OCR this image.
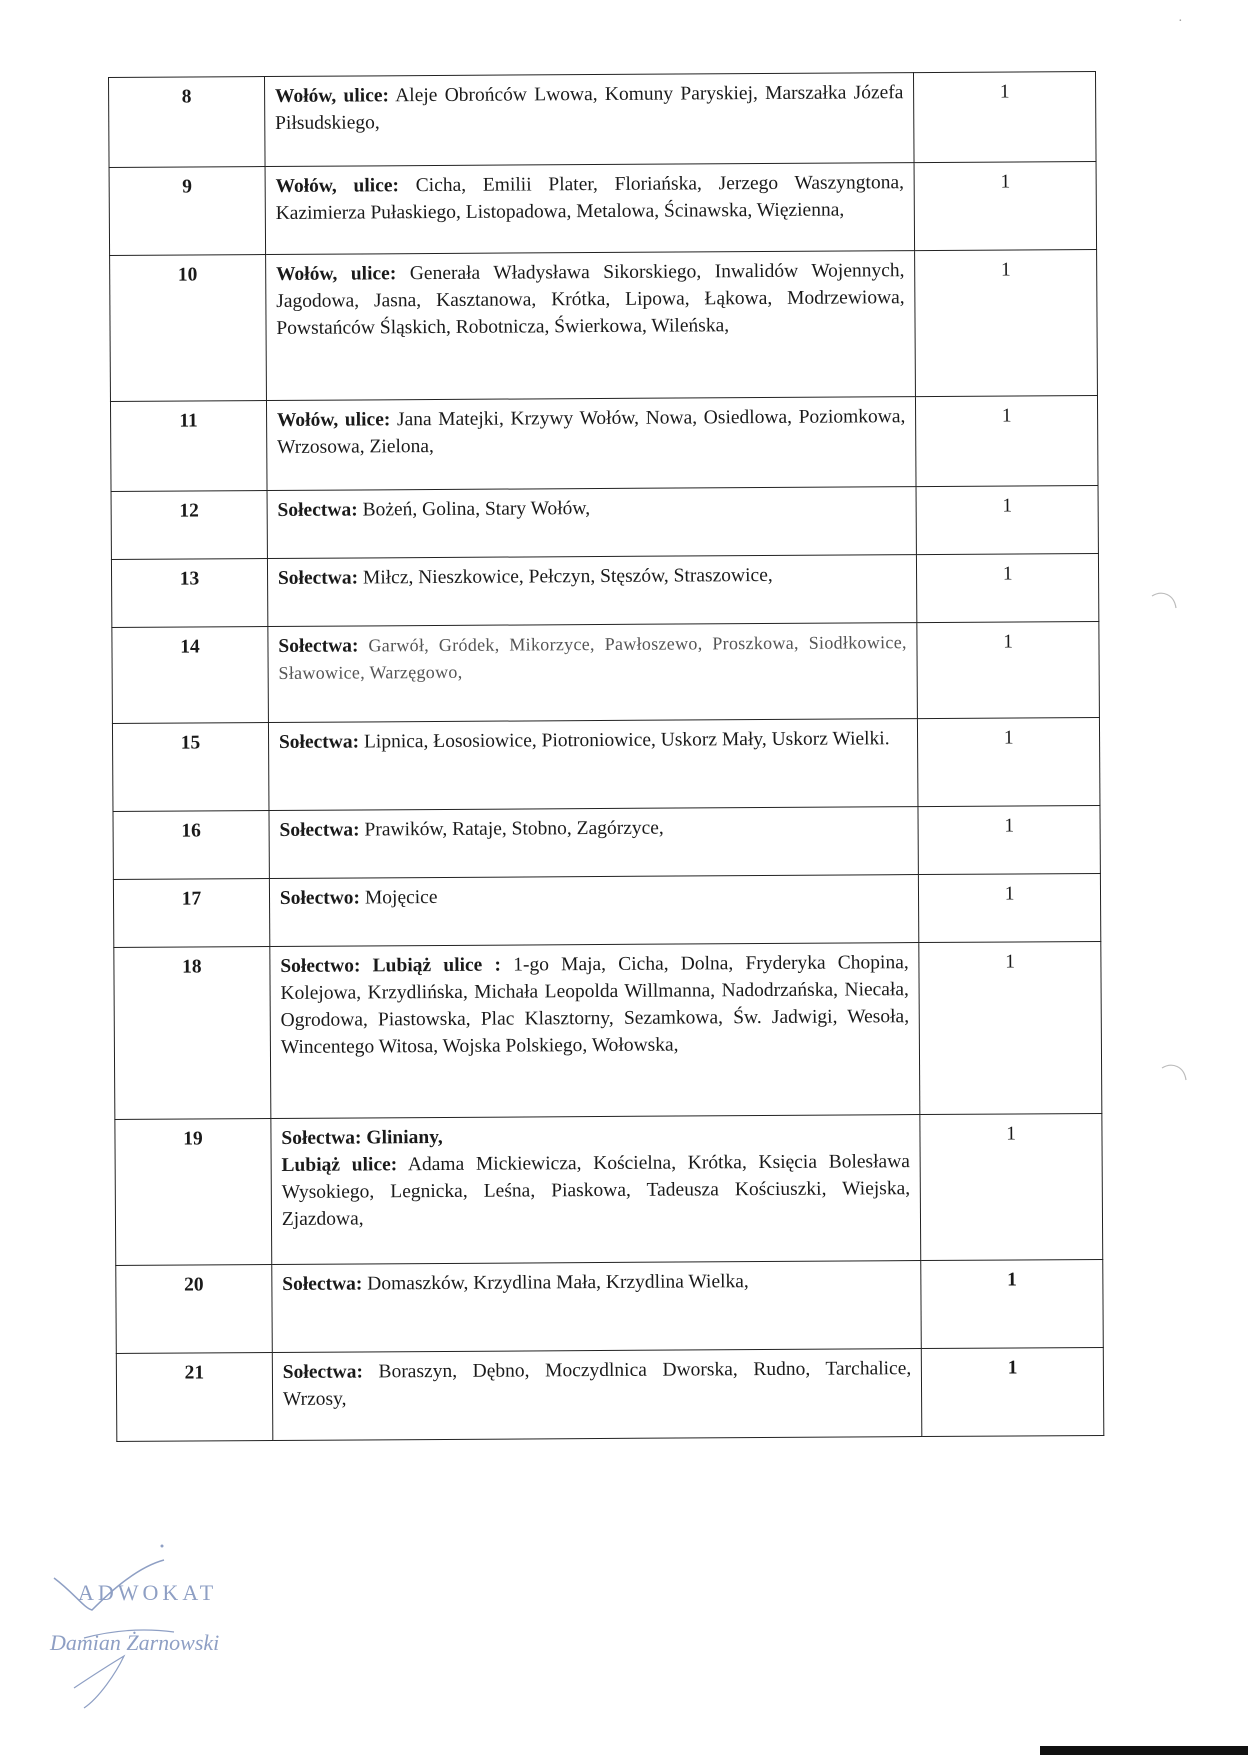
8	Wołów, ulice: Aleje Obrońców Lwowa, Komuny Paryskiej, Marszałka Józefa Piłsudskiego,	1
9	Wołów, ulice: Cicha, Emilii Plater, Floriańska, Jerzego Waszyngtona, Kazimierza Pułaskiego, Listopadowa, Metalowa, Ścinawska, Więzienna,	1
10	Wołów, ulice: Generała Władysława Sikorskiego, Inwalidów Wojennych, Jagodowa, Jasna, Kasztanowa, Krótka, Lipowa, Łąkowa, Modrzewiowa, Powstańców Śląskich, Robotnicza, Świerkowa, Wileńska,	1
11	Wołów, ulice: Jana Matejki, Krzywy Wołów, Nowa, Osiedlowa, Poziomkowa, Wrzosowa, Zielona,	1
12	Sołectwa: Bożeń, Golina, Stary Wołów,	1
13	Sołectwa: Miłcz, Nieszkowice, Pełczyn, Stęszów, Straszowice,	1
14	Sołectwa: Garwół, Gródek, Mikorzyce, Pawłoszewo, Proszkowa, Siodłkowice, Sławowice, Warzęgowo,	1
15	Sołectwa: Lipnica, Łososiowice, Piotroniowice, Uskorz Mały, Uskorz Wielki.	1
16	Sołectwa: Prawików, Rataje, Stobno, Zagórzyce,	1
17	Sołectwo: Mojęcice	1
18	Sołectwo: Lubiąż ulice : 1-go Maja, Cicha, Dolna, Fryderyka Chopina, Kolejowa, Krzydlińska, Michała Leopolda Willmanna, Nadodrzańska, Niecała, Ogrodowa, Piastowska, Plac Klasztorny, Sezamkowa, Św. Jadwigi, Wesoła, Wincentego Witosa, Wojska Polskiego, Wołowska,	1
19	Sołectwa: Gliniany,
Lubiąż ulice: Adama Mickiewicza, Kościelna, Krótka, Księcia Bolesława Wysokiego, Legnicka, Leśna, Piaskowa, Tadeusza Kościuszki, Wiejska, Zjazdowa,	1
20	Sołectwa: Domaszków, Krzydlina Mała, Krzydlina Wielka,	1
21	Sołectwa: Boraszyn, Dębno, Moczydlnica Dworska, Rudno, Tarchalice, Wrzosy,	1
ADWOKAT
Damian Żarnowski
·
